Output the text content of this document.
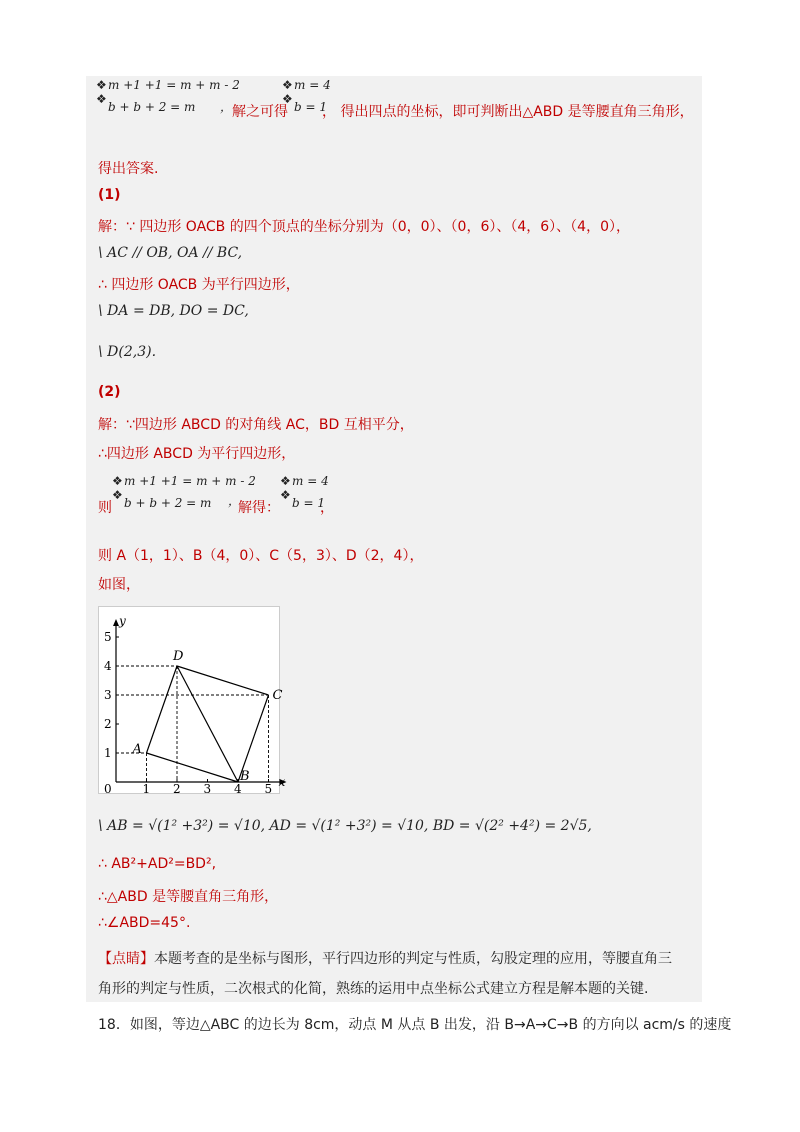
❖
❖
m +1 +1 = m + m - 2
b + b + 2 = m	， 解之可得
❖
❖
m = 4
b = 1
， 得出四点的坐标，即可判断出△ABD 是等腰直角三角形，
得出答案.
(1)
解：∵ 四边形 OACB 的四个顶点的坐标分别为（0，0）、（0，6）、（4，6）、（4，0），
\ AC // OB, OA // BC,
∴ 四边形 OACB 为平行四边形，
\ DA = DB, DO = DC,
\ D(2,3).
(2)
解：∵四边形 ABCD 的对角线 AC，BD 互相平分，
∴四边形 ABCD 为平行四边形，
则
❖
❖
m +1 +1 = m + m - 2
b + b + 2 = m	，
解得：
❖
❖
m = 4
b = 1
，
则 A（1，1）、B（4，0）、C（5，3）、D（2，4），
如图，
x
y
0	1 2 3 4 5
1
2
3
4
5
A
B
C
D
\ AB = √(1² +3²) = √10, AD = √(1² +3²) = √10, BD = √(2² +4²) = 2√5,
∴ AB²+AD²=BD²,
∴△ABD 是等腰直角三角形，
∴∠ABD=45°.
【点睛】本题考查的是坐标与图形，平行四边形的判定与性质，勾股定理的应用，等腰直角三
角形的判定与性质，二次根式的化简，熟练的运用中点坐标公式建立方程是解本题的关键.
18．如图，等边△ABC 的边长为 8cm，动点 M 从点 B 出发，沿 B→A→C→B 的方向以 acm/s 的速度
